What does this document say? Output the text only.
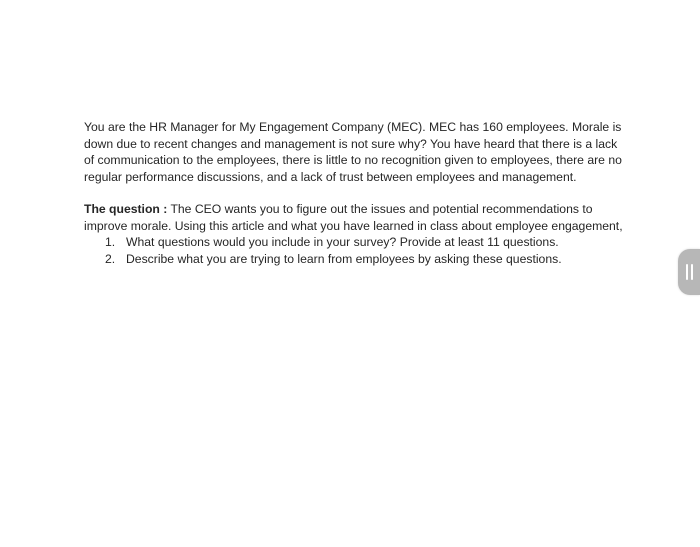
You are the HR Manager for My Engagement Company (MEC). MEC has 160 employees. Morale is down due to recent changes and management is not sure why? You have heard that there is a lack of communication to the employees, there is little to no recognition given to employees, there are no regular performance discussions, and a lack of trust between employees and management.

The question : The CEO wants you to figure out the issues and potential recommendations to improve morale. Using this article and what you have learned in class about employee engagement,

1. What questions would you include in your survey? Provide at least 11 questions.
2. Describe what you are trying to learn from employees by asking these questions.
